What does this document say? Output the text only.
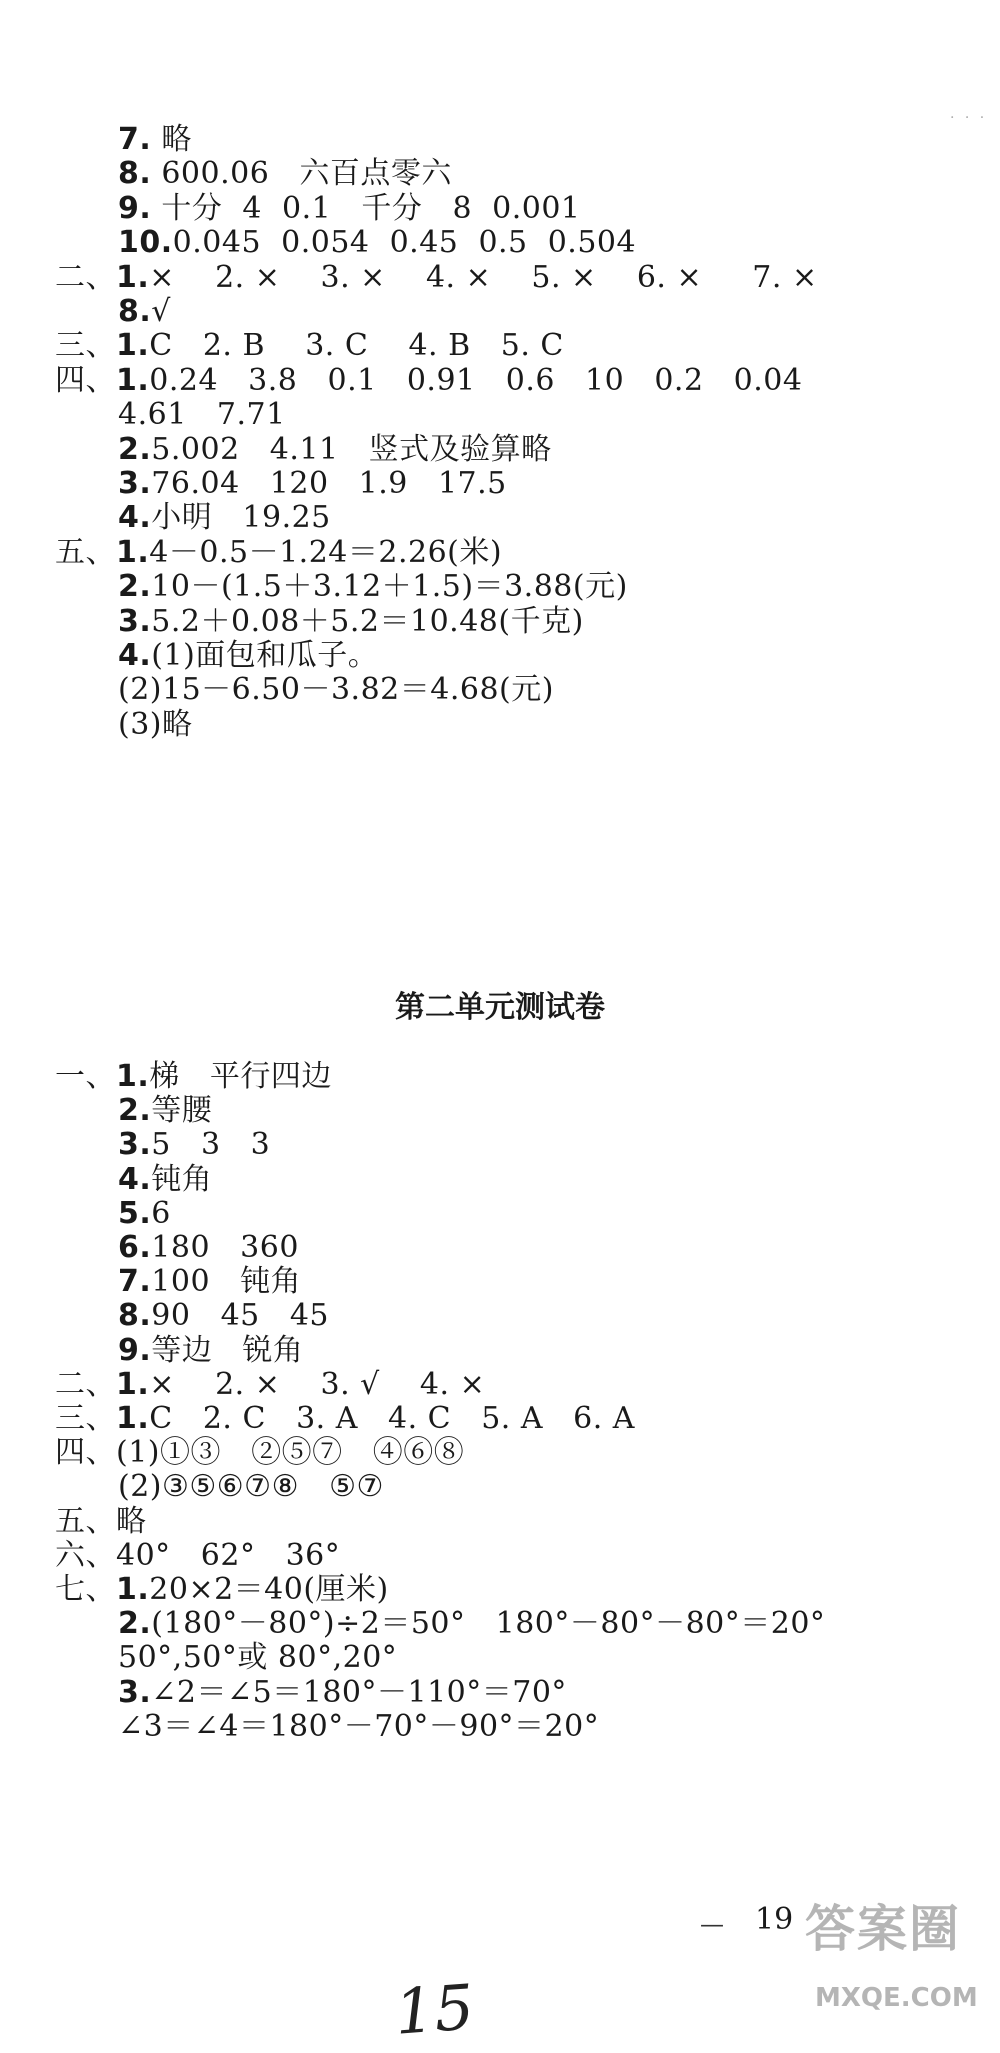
· · ·
7. 略
8. 600.06   六百点零六
9. 十分  4  0.1   千分   8  0.001
10.0.045  0.054  0.45  0.5  0.504
二、1.×    2. ×    3. ×    4. ×    5. ×    6. ×     7. ×
8.√
三、1.C   2. B    3. C    4. B   5. C
四、1.0.24   3.8   0.1   0.91   0.6   10   0.2   0.04
4.61   7.71
2.5.002   4.11   竖式及验算略
3.76.04   120   1.9   17.5
4.小明   19.25
五、1.4－0.5－1.24＝2.26(米)
2.10－(1.5＋3.12＋1.5)＝3.88(元)
3.5.2＋0.08＋5.2＝10.48(千克)
4.(1)面包和瓜子。
(2)15－6.50－3.82＝4.68(元)
(3)略
第二单元测试卷
一、1.梯   平行四边
2.等腰
3.5   3   3
4.钝角
5.6
6.180   360
7.100   钝角
8.90   45   45
9.等边   锐角
二、1.×    2. ×    3. √    4. ×
三、1.C   2. C   3. A   4. C   5. A   6. A
四、(1)①③   ②⑤⑦   ④⑥⑧
(2)③⑤⑥⑦⑧   ⑤⑦
五、略
六、40°   62°   36°
七、1.20×2＝40(厘米)
2.(180°－80°)÷2＝50°   180°－80°－80°＝20°
50°,50°或 80°,20°
3.∠2＝∠5＝180°－110°＝70°
∠3＝∠4＝180°－70°－90°＝20°
— 19
15
答案圈
MXQE.COM
